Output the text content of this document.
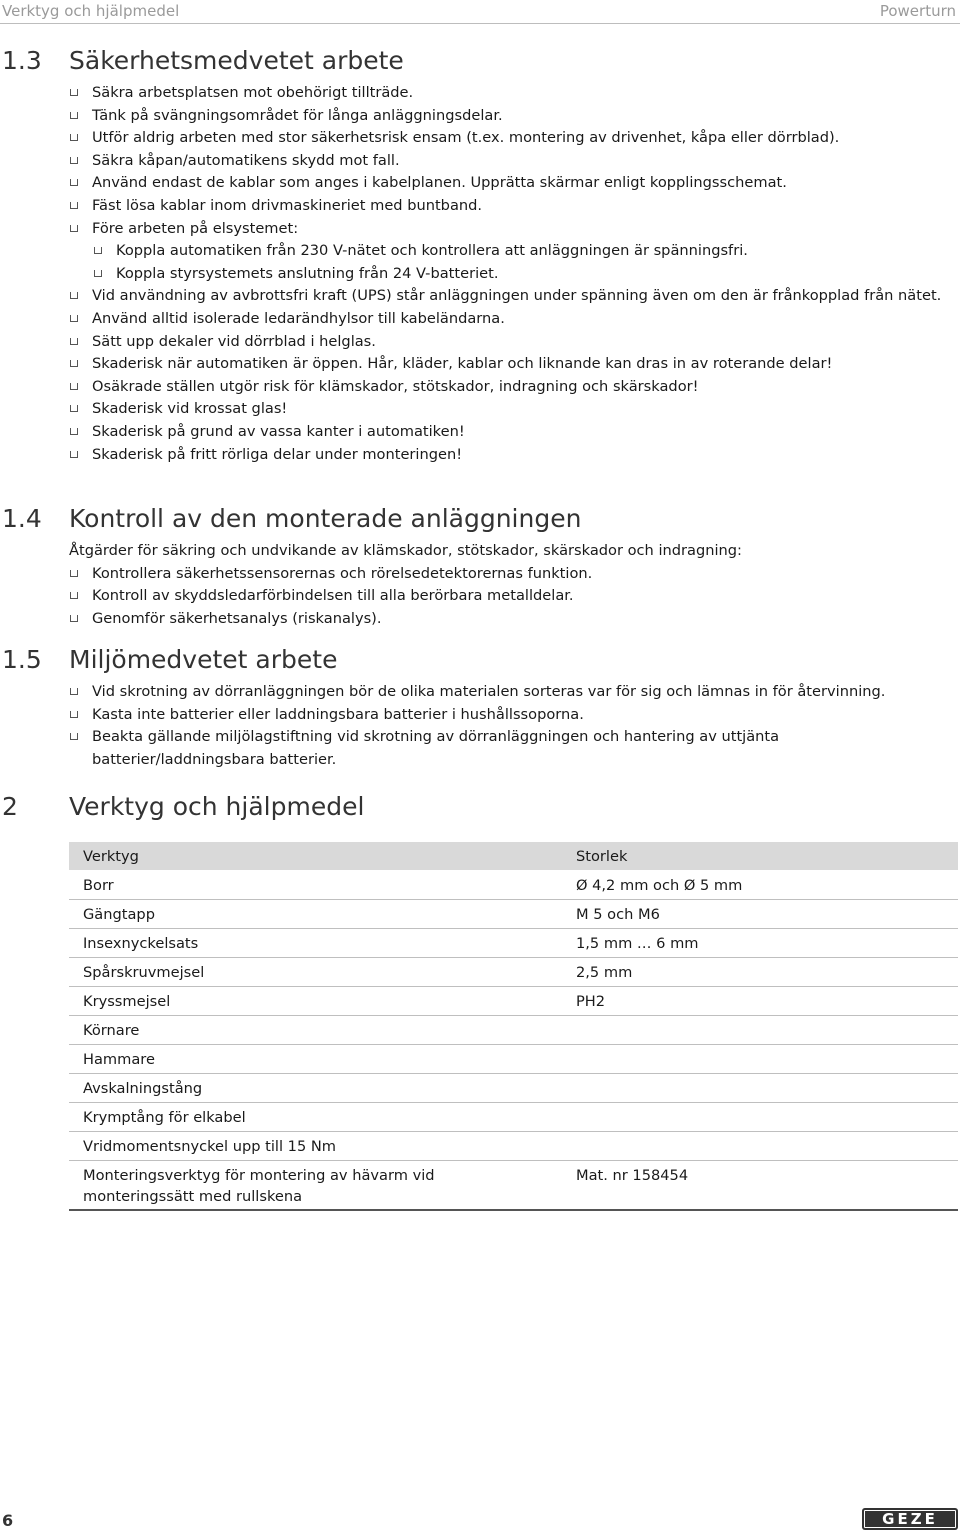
Verktyg och hjälpmedel	Powerturn
1.3 Säkerhetsmedvetet arbete
Säkra arbetsplatsen mot obehörigt tillträde.
Tänk på svängningsområdet för långa anläggningsdelar.
Utför aldrig arbeten med stor säkerhetsrisk ensam (t.ex. montering av drivenhet, kåpa eller dörrblad).
Säkra kåpan/automatikens skydd mot fall.
Använd endast de kablar som anges i kabelplanen. Upprätta skärmar enligt kopplingsschemat.
Fäst lösa kablar inom drivmaskineriet med buntband.
Före arbeten på elsystemet:
Koppla automatiken från 230 V-nätet och kontrollera att anläggningen är spänningsfri.
Koppla styrsystemets anslutning från 24 V-batteriet.
Vid användning av avbrottsfri kraft (UPS) står anläggningen under spänning även om den är frånkopplad från nätet.
Använd alltid isolerade ledarändhylsor till kabeländarna.
Sätt upp dekaler vid dörrblad i helglas.
Skaderisk när automatiken är öppen. Hår, kläder, kablar och liknande kan dras in av roterande delar!
Osäkrade ställen utgör risk för klämskador, stötskador, indragning och skärskador!
Skaderisk vid krossat glas!
Skaderisk på grund av vassa kanter i automatiken!
Skaderisk på fritt rörliga delar under monteringen!
1.4 Kontroll av den monterade anläggningen
Åtgärder för säkring och undvikande av klämskador, stötskador, skärskador och indragning:
Kontrollera säkerhetssensorernas och rörelsedetektorernas funktion.
Kontroll av skyddsledarförbindelsen till alla berörbara metalldelar.
Genomför säkerhetsanalys (riskanalys).
1.5 Miljömedvetet arbete
Vid skrotning av dörranläggningen bör de olika materialen sorteras var för sig och lämnas in för återvinning.
Kasta inte batterier eller laddningsbara batterier i hushållssoporna.
Beakta gällande miljölagstiftning vid skrotning av dörranläggningen och hantering av uttjänta batterier/laddningsbara batterier.
2 Verktyg och hjälpmedel
Verktyg	Storlek
Borr	Ø 4,2 mm och Ø 5 mm
Gängtapp	M 5 och M6
Insexnyckelsats	1,5 mm … 6 mm
Spårskruvmejsel	2,5 mm
Kryssmejsel	PH2
Körnare	
Hammare	
Avskalningstång	
Krymptång för elkabel	
Vridmomentsnyckel upp till 15 Nm	
Monteringsverktyg för montering av hävarm vid monteringssätt med rullskena	Mat. nr 158454
6	GEZE
